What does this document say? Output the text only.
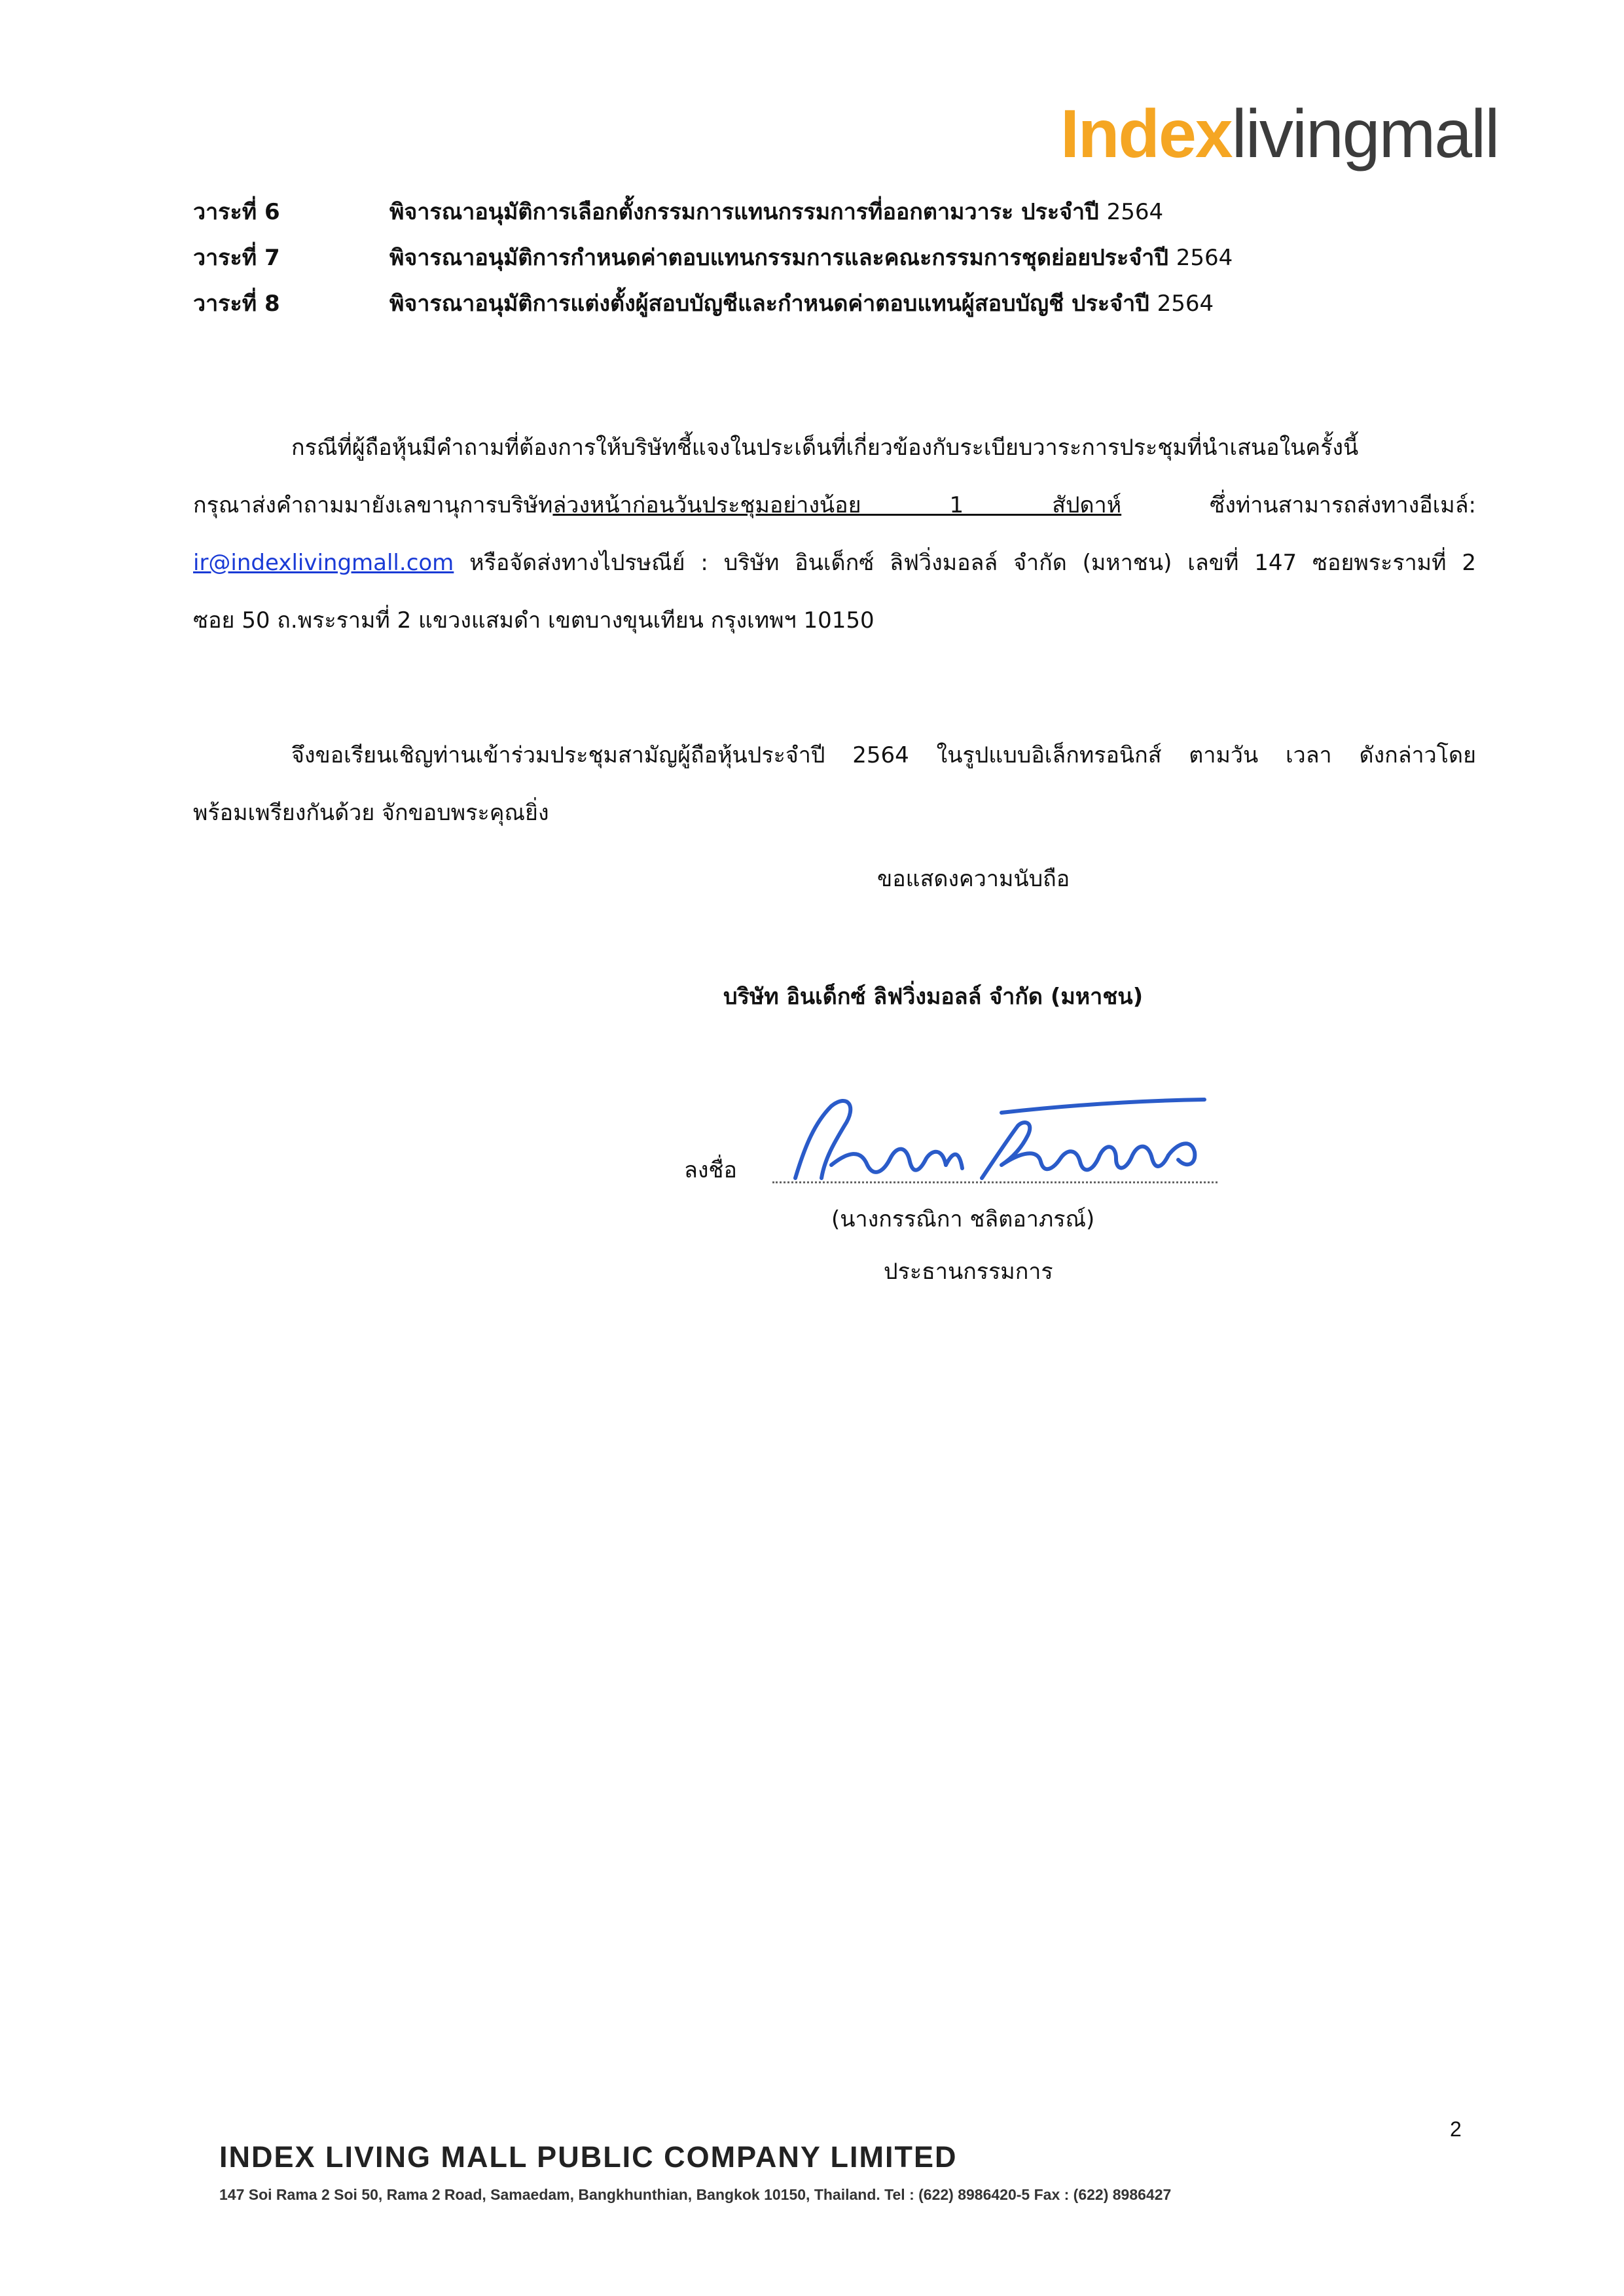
Indexlivingmall
วาระที่ 6	พิจารณาอนุมัติการเลือกตั้งกรรมการแทนกรรมการที่ออกตามวาระ ประจำปี 2564
วาระที่ 7	พิจารณาอนุมัติการกำหนดค่าตอบแทนกรรมการและคณะกรรมการชุดย่อยประจำปี 2564
วาระที่ 8	พิจารณาอนุมัติการแต่งตั้งผู้สอบบัญชีและกำหนดค่าตอบแทนผู้สอบบัญชี ประจำปี 2564
กรณีที่ผู้ถือหุ้นมีคำถามที่ต้องการให้บริษัทชี้แจงในประเด็นที่เกี่ยวข้องกับระเบียบวาระการประชุมที่นำเสนอในครั้งนี้
กรุณาส่งคำถามมายังเลขานุการบริษัทล่วงหน้าก่อนวันประชุมอย่างน้อย 1 สัปดาห์ ซึ่งท่านสามารถส่งทางอีเมล์:
ir@indexlivingmall.com หรือจัดส่งทางไปรษณีย์ : บริษัท อินเด็กซ์ ลิฟวิ่งมอลล์ จำกัด (มหาชน) เลขที่ 147 ซอยพระรามที่ 2
ซอย 50 ถ.พระรามที่ 2 แขวงแสมดำ เขตบางขุนเทียน กรุงเทพฯ 10150
จึงขอเรียนเชิญท่านเข้าร่วมประชุมสามัญผู้ถือหุ้นประจำปี 2564 ในรูปแบบอิเล็กทรอนิกส์ ตามวัน เวลา ดังกล่าวโดย
พร้อมเพรียงกันด้วย จักขอบพระคุณยิ่ง
ขอแสดงความนับถือ
บริษัท อินเด็กซ์ ลิฟวิ่งมอลล์ จำกัด (มหาชน)
ลงชื่อ
(นางกรรณิกา ชลิตอาภรณ์)
ประธานกรรมการ
2
INDEX LIVING MALL PUBLIC COMPANY LIMITED
147 Soi Rama 2 Soi 50, Rama 2 Road, Samaedam, Bangkhunthian, Bangkok 10150, Thailand. Tel : (622) 8986420-5 Fax : (622) 8986427
